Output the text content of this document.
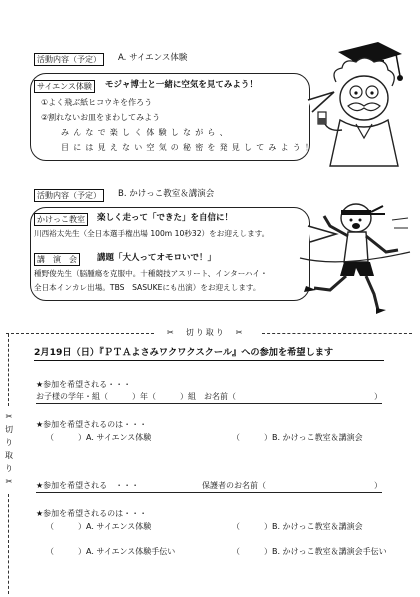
活動内容（予定）	A. サイエンス体験
サイエンス体験	モジャ博士と一緒に空気を見てみよう！
①よく飛ぶ紙ヒコウキを作ろう
②割れないお皿をまわしてみよう
みんなで楽しく体験しながら、
目には見えない空気の秘密を発見してみよう！
活動内容（予定）	B. かけっこ教室＆講演会
かけっこ教室	楽しく走って「できた」を自信に！
川西裕太先生（全日本選手権出場 100m 10秒32）をお迎えします。
講　演　会	講題「大人ってオモロいで！」
種野俊先生（脳腫瘍を克服中。十種競技アスリート、インターハイ・
全日本インカレ出場。TBS　SASUKEにも出演）をお迎えします。
✂　切り取り　✂
✂
切
り
取
り
✂
2月19日（日）『ＰＴＡよさみワクワクスクール』への参加を希望します
★参加を希望される・・・
お子様の学年・組（　　　）年（　　　）組　お名前（	）
★参加を希望されるのは・・・
（　　　）A. サイエンス体験	（　　　）B. かけっこ教室＆講演会
★参加を希望される　・・・	保護者のお名前（	）
★参加を希望されるのは・・・
（　　　）A. サイエンス体験	（　　　）B. かけっこ教室＆講演会
（　　　）A. サイエンス体験手伝い	（　　　）B. かけっこ教室＆講演会手伝い
